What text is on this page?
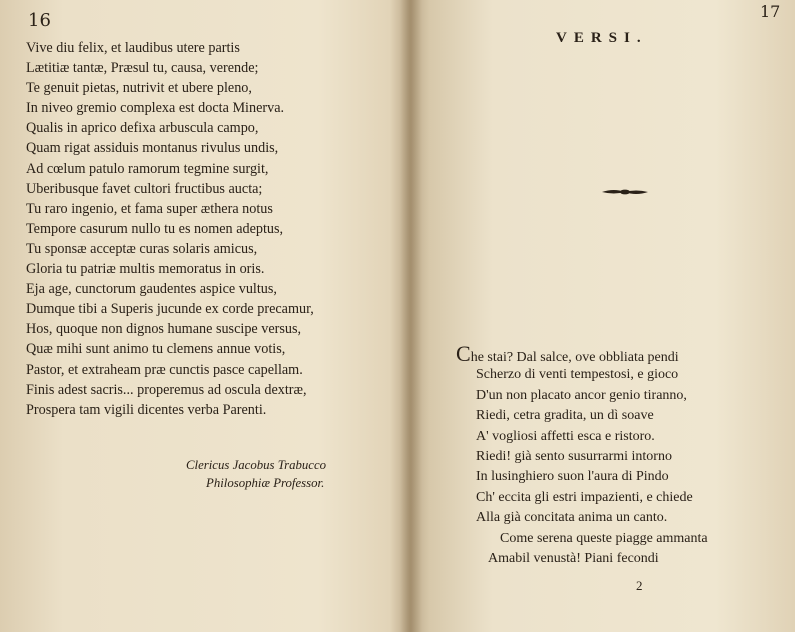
16
Vive diu felix, et laudibus utere partis
Lætitiæ tantæ, Præsul tu, causa, verende;
Te genuit pietas, nutrivit et ubere pleno,
In niveo gremio complexa est docta Minerva.
Qualis in aprico defixa arbuscula campo,
Quam rigat assiduis montanus rivulus undis,
Ad cœlum patulo ramorum tegmine surgit,
Uberibusque favet cultori fructibus aucta;
Tu raro ingenio, et fama super æthera notus
Tempore casurum nullo tu es nomen adeptus,
Tu sponsæ acceptæ curas solaris amicus,
Gloria tu patriæ multis memoratus in oris.
Eja age, cunctorum gaudentes aspice vultus,
Dumque tibi a Superis jucunde ex corde precamur,
Hos, quoque non dignos humane suscipe versus,
Quæ mihi sunt animo tu clemens annue votis,
Pastor, et extraheam præ cunctis pasce capellam.
Finis adest sacris... properemus ad oscula dextræ,
Prospera tam vigili dicentes verba Parenti.
Clericus Jacobus Trabucco
Philosophiæ Professor.
17
VERSI.
Che stai? Dal salce, ove obbliata pendi
Scherzo di venti tempestosi, e gioco
D'un non placato ancor genio tiranno,
Riedi, cetra gradita, un dì soave
A' vogliosi affetti esca e ristoro.
Riedi! già sento susurrarmi intorno
In lusinghiero suon l'aura di Pindo
Ch' eccita gli estri impazienti, e chiede
Alla già concitata anima un canto.
Come serena queste piagge ammanta
Amabil venustà! Piani fecondi
2
